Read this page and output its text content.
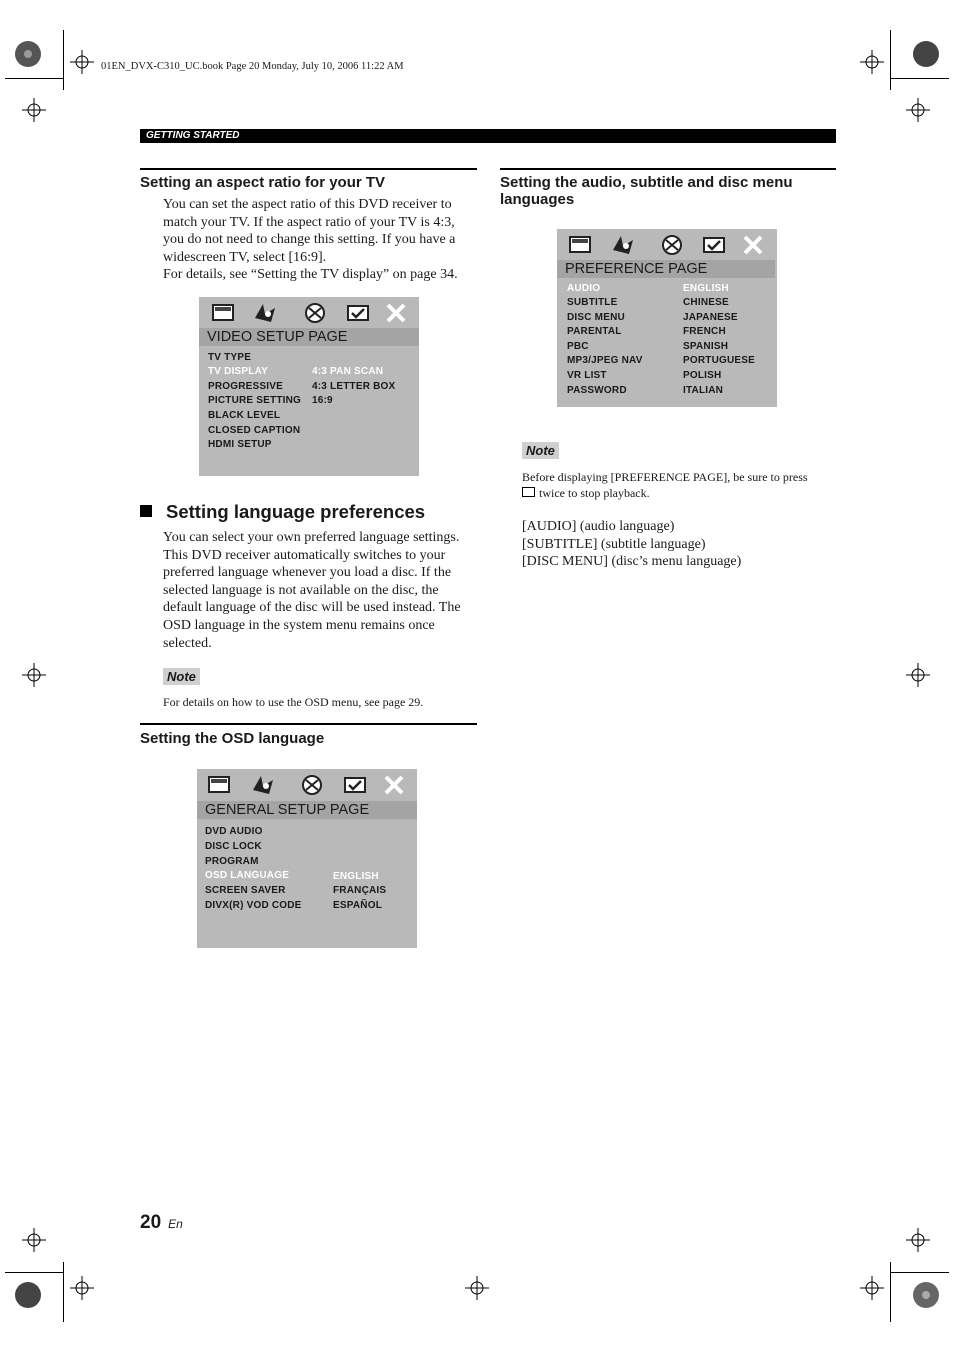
01EN_DVX-C310_UC.book Page 20 Monday, July 10, 2006 11:22 AM
GETTING STARTED
Setting an aspect ratio for your TV
You can set the aspect ratio of this DVD receiver to match your TV. If the aspect ratio of your TV is 4:3, you do not need to change this setting. If you have a widescreen TV, select [16:9].
For details, see “Setting the TV display” on page 34.
VIDEO SETUP PAGE
TV TYPE
TV DISPLAY
PROGRESSIVE
PICTURE SETTING
BLACK LEVEL
CLOSED CAPTION
HDMI SETUP
4:3 PAN SCAN
4:3 LETTER BOX
16:9
Setting language preferences
You can select your own preferred language settings. This DVD receiver automatically switches to your preferred language whenever you load a disc. If the selected language is not available on the disc, the default language of the disc will be used instead. The OSD language in the system menu remains once selected.
Note
For details on how to use the OSD menu, see page 29.
Setting the OSD language
GENERAL SETUP PAGE
DVD AUDIO
DISC LOCK
PROGRAM
OSD LANGUAGE
SCREEN SAVER
DIVX(R) VOD CODE
ENGLISH
FRANÇAIS
ESPAÑOL
Setting the audio, subtitle and disc menu languages
PREFERENCE PAGE
AUDIO
SUBTITLE
DISC MENU
PARENTAL
PBC
MP3/JPEG NAV
VR LIST
PASSWORD
ENGLISH
CHINESE
JAPANESE
FRENCH
SPANISH
PORTUGUESE
POLISH
ITALIAN
Note
Before displaying [PREFERENCE PAGE], be sure to press
twice to stop playback.
[AUDIO] (audio language)
[SUBTITLE] (subtitle language)
[DISC MENU] (disc’s menu language)
20 En
